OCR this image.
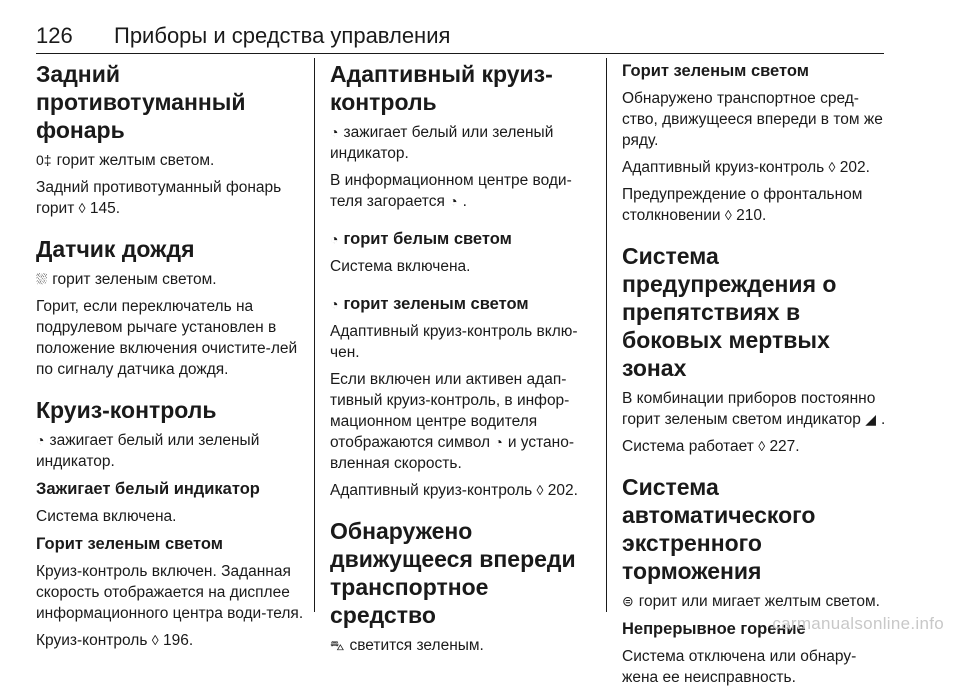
126	Приборы и средства управления
Задний противотуманный фонарь

0‡ горит желтым светом.

Задний противотуманный фонарь горит ◊ 145.

Датчик дождя

⛆ горит зеленым светом.

Горит, если переключатель на подрулевом рычаге установлен в положение включения очистите-лей по сигналу датчика дождя.

Круиз-контроль

◔ зажигает белый или зеленый индикатор.

Зажигает белый индикатор

Система включена.

Горит зеленым светом

Круиз-контроль включен. Заданная скорость отображается на дисплее информационного центра води-теля.

Круиз-контроль ◊ 196.

Адаптивный круиз-контроль

◔ зажигает белый или зеленый индикатор.

В информационном центре води-теля загорается ◔ .

◔ горит белым светом

Система включена.

◔ горит зеленым светом

Адаптивный круиз-контроль вклю-чен.

Если включен или активен адап-тивный круиз-контроль, в инфор-мационном центре водителя отображаются символ ◔ и устано-вленная скорость.

Адаптивный круиз-контроль ◊ 202.

Обнаружено движущееся впереди транспортное средство

⛍ светится зеленым.

Горит зеленым светом

Обнаружено транспортное сред-ство, движущееся впереди в том же ряду.

Адаптивный круиз-контроль ◊ 202.

Предупреждение о фронтальном столкновении ◊ 210.

Система предупреждения о препятствиях в боковых мертвых зонах

В комбинации приборов постоянно горит зеленым светом индикатор ◢ .

Система работает ◊ 227.

Система автоматического экстренного торможения

⊜ горит или мигает желтым светом.

Непрерывное горение

Система отключена или обнару-жена ее неисправность.

carmanualsonline.info
